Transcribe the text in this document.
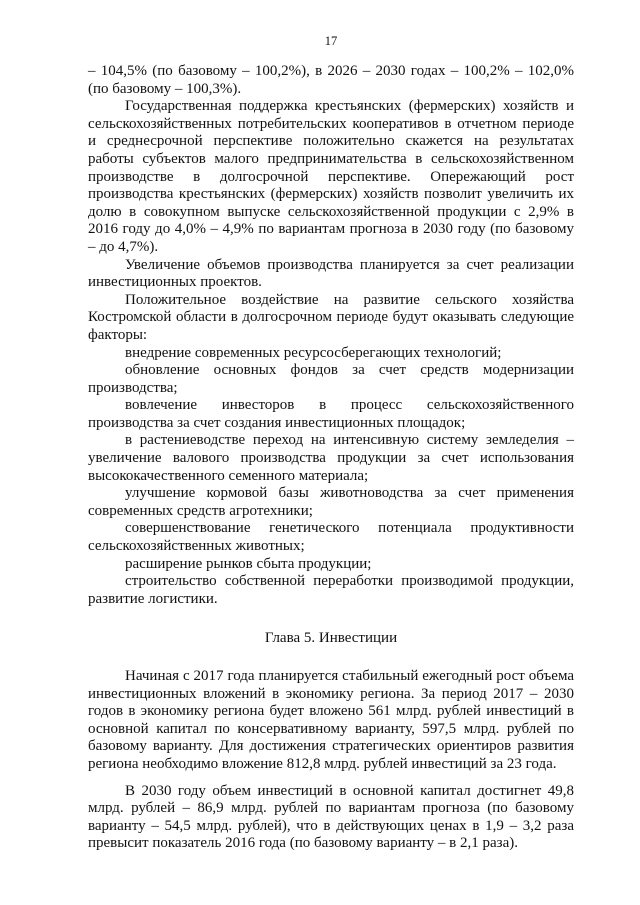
17

– 104,5% (по базовому – 100,2%), в 2026 – 2030 годах – 100,2% – 102,0% (по базовому – 100,3%).

Государственная поддержка крестьянских (фермерских) хозяйств и сельскохозяйственных потребительских кооперативов в отчетном периоде и среднесрочной перспективе положительно скажется на результатах работы субъектов малого предпринимательства в сельскохозяйственном производстве в долгосрочной перспективе. Опережающий рост производства крестьянских (фермерских) хозяйств позволит увеличить их долю в совокупном выпуске сельскохозяйственной продукции с 2,9% в 2016 году до 4,0% – 4,9% по вариантам прогноза в 2030 году (по базовому – до 4,7%).

Увеличение объемов производства планируется за счет реализации инвестиционных проектов.

Положительное воздействие на развитие сельского хозяйства Костромской области в долгосрочном периоде будут оказывать следующие факторы:

внедрение современных ресурсосберегающих технологий;

обновление основных фондов за счет средств модернизации производства;

вовлечение инвесторов в процесс сельскохозяйственного производства за счет создания инвестиционных площадок;

в растениеводстве переход на интенсивную систему земледелия – увеличение валового производства продукции за счет использования высококачественного семенного материала;

улучшение кормовой базы животноводства за счет применения современных средств агротехники;

совершенствование генетического потенциала продуктивности сельскохозяйственных животных;

расширение рынков сбыта продукции;

строительство собственной переработки производимой продукции, развитие логистики.

Глава 5. Инвестиции

Начиная с 2017 года планируется стабильный ежегодный рост объема инвестиционных вложений в экономику региона. За период 2017 – 2030 годов в экономику региона будет вложено 561 млрд. рублей инвестиций в основной капитал по консервативному варианту, 597,5 млрд. рублей по базовому варианту. Для достижения стратегических ориентиров развития региона необходимо вложение 812,8 млрд. рублей инвестиций за 23 года.

В 2030 году объем инвестиций в основной капитал достигнет 49,8 млрд. рублей – 86,9 млрд. рублей по вариантам прогноза (по базовому варианту – 54,5 млрд. рублей), что в действующих ценах в 1,9 – 3,2 раза превысит показатель 2016 года (по базовому варианту – в 2,1 раза).
